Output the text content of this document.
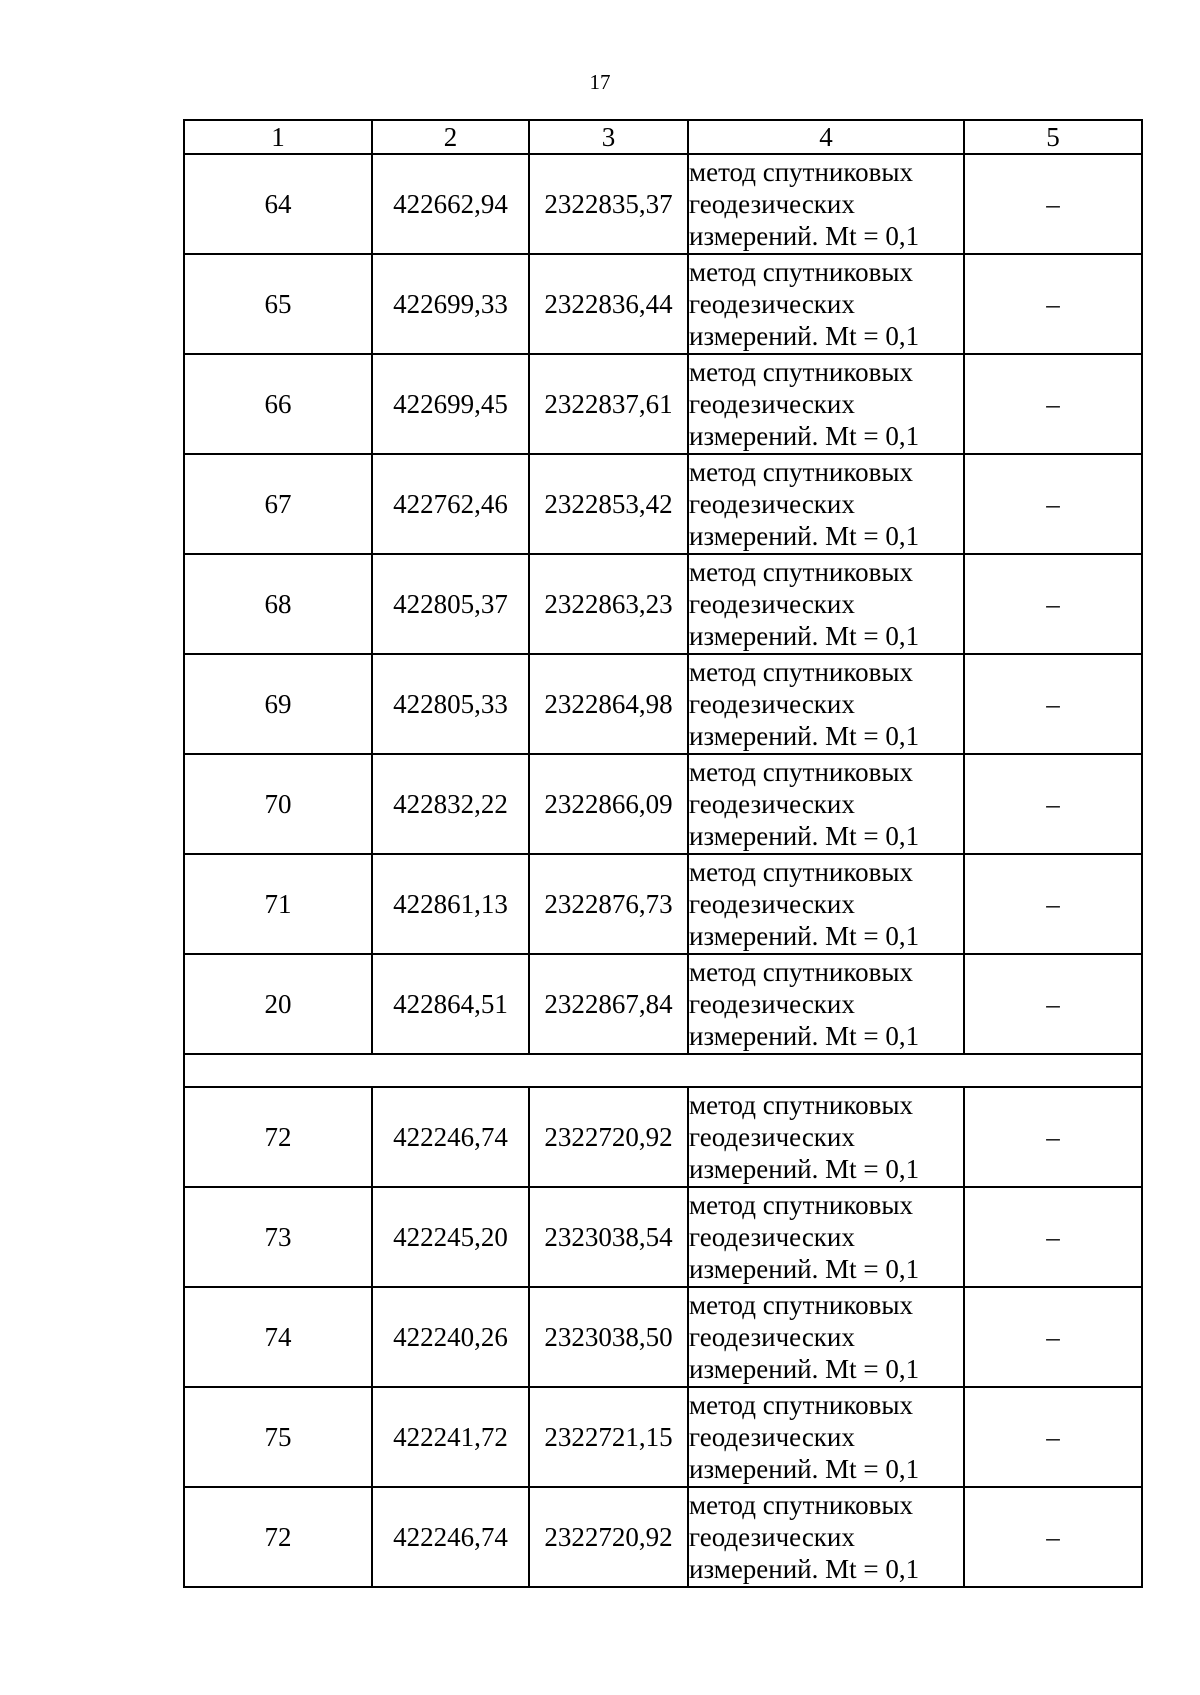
17
1	2	3	4	5
64	422662,94	2322835,37	метод спутниковых
геодезических
измерений. Mt = 0,1	–
65	422699,33	2322836,44	метод спутниковых
геодезических
измерений. Mt = 0,1	–
66	422699,45	2322837,61	метод спутниковых
геодезических
измерений. Mt = 0,1	–
67	422762,46	2322853,42	метод спутниковых
геодезических
измерений. Mt = 0,1	–
68	422805,37	2322863,23	метод спутниковых
геодезических
измерений. Mt = 0,1	–
69	422805,33	2322864,98	метод спутниковых
геодезических
измерений. Mt = 0,1	–
70	422832,22	2322866,09	метод спутниковых
геодезических
измерений. Mt = 0,1	–
71	422861,13	2322876,73	метод спутниковых
геодезических
измерений. Mt = 0,1	–
20	422864,51	2322867,84	метод спутниковых
геодезических
измерений. Mt = 0,1	–

72	422246,74	2322720,92	метод спутниковых
геодезических
измерений. Mt = 0,1	–
73	422245,20	2323038,54	метод спутниковых
геодезических
измерений. Mt = 0,1	–
74	422240,26	2323038,50	метод спутниковых
геодезических
измерений. Mt = 0,1	–
75	422241,72	2322721,15	метод спутниковых
геодезических
измерений. Mt = 0,1	–
72	422246,74	2322720,92	метод спутниковых
геодезических
измерений. Mt = 0,1	–
